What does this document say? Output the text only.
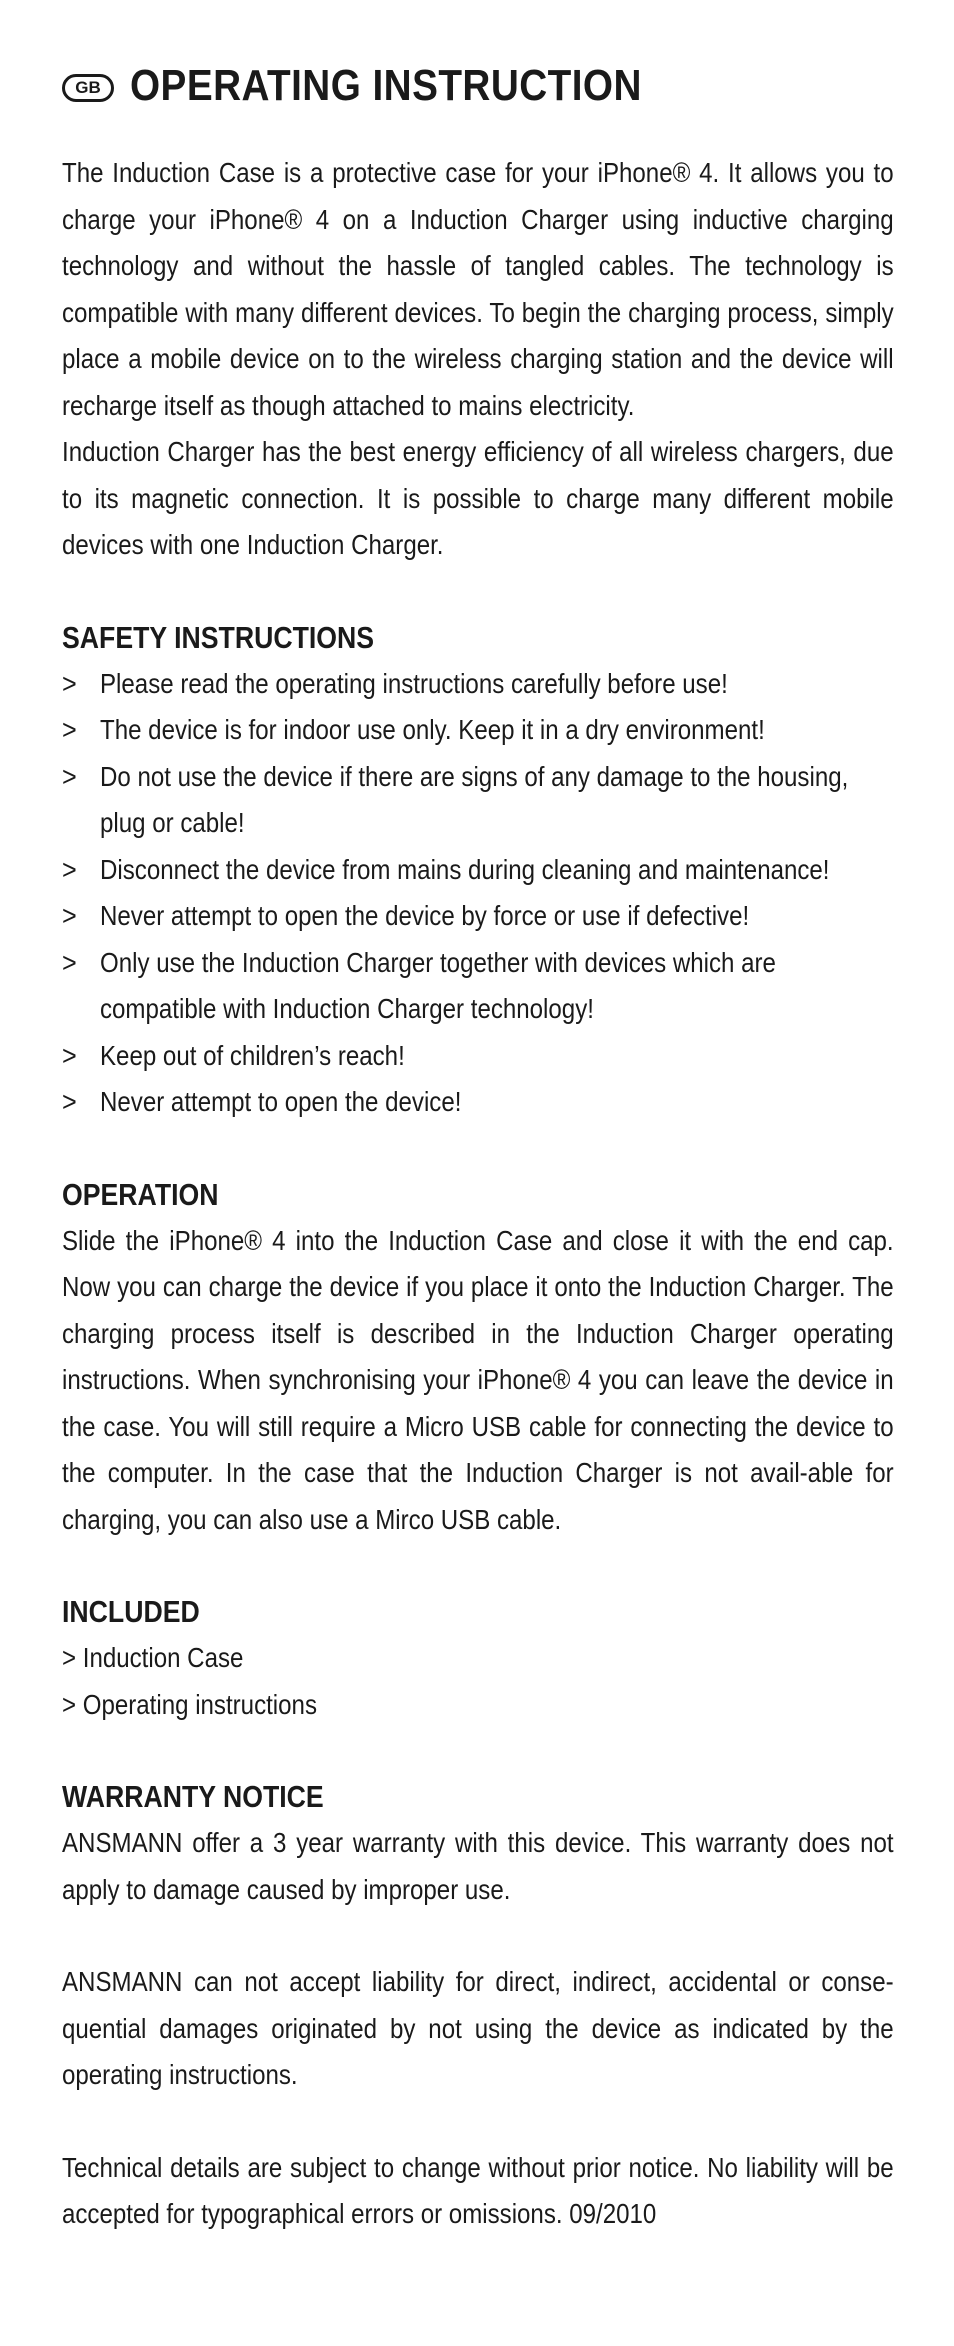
GB OPERATING INSTRUCTION

The Induction Case is a protective case for your iPhone® 4. It allows you to charge your iPhone® 4 on a Induction Charger using inductive charging technology and without the hassle of tangled cables. The technology is compatible with many different devices. To begin the charging process, simply place a mobile device on to the wireless charging station and the device will recharge itself as though attached to mains electricity.

Induction Charger has the best energy efficiency of all wireless chargers, due to its magnetic connection. It is possible to charge many different mobile devices with one Induction Charger.

SAFETY INSTRUCTIONS
> Please read the operating instructions carefully before use!
> The device is for indoor use only. Keep it in a dry environment!
> Do not use the device if there are signs of any damage to the housing, plug or cable!
> Disconnect the device from mains during cleaning and maintenance!
> Never attempt to open the device by force or use if defective!
> Only use the Induction Charger together with devices which are compatible with Induction Charger technology!
> Keep out of children’s reach!
> Never attempt to open the device!
OPERATION

Slide the iPhone® 4 into the Induction Case and close it with the end cap. Now you can charge the device if you place it onto the Induction Charger. The charging process itself is described in the Induction Charger operating instructions. When synchronising your iPhone® 4 you can leave the device in the case. You will still require a Micro USB cable for connecting the device to the computer. In the case that the Induction Charger is not avail-able for charging, you can also use a Mirco USB cable.

INCLUDED
> Induction Case
> Operating instructions
WARRANTY NOTICE

ANSMANN offer a 3 year warranty with this device. This warranty does not apply to damage caused by improper use.

ANSMANN can not accept liability for direct, indirect, accidental or conse-quential damages originated by not using the device as indicated by the operating instructions.

Technical details are subject to change without prior notice. No liability will be accepted for typographical errors or omissions. 09/2010
